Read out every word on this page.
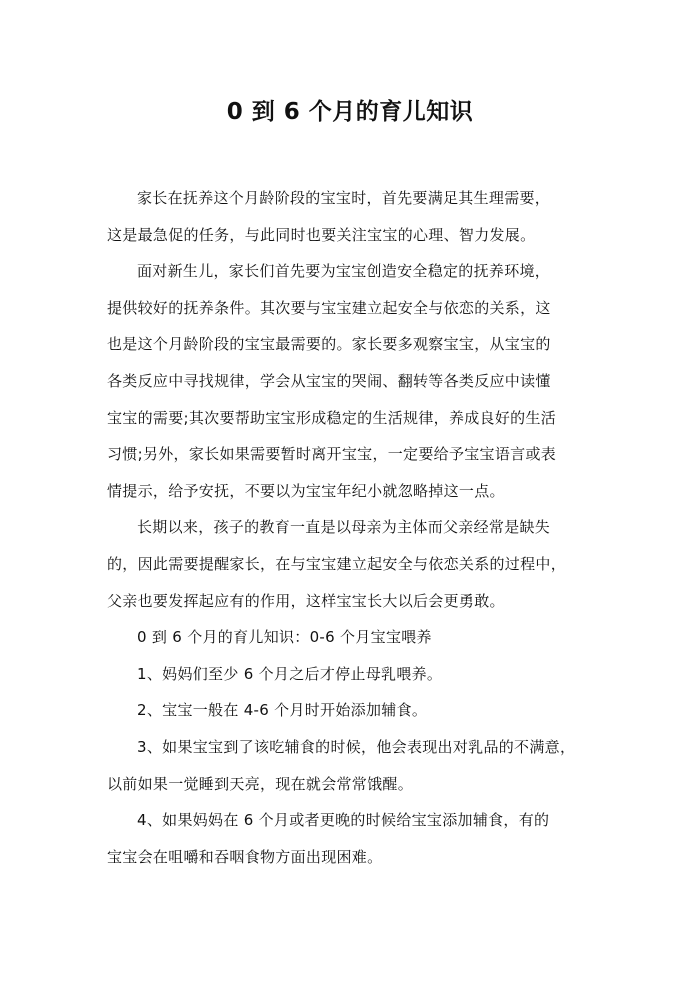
0 到 6 个月的育儿知识
家长在抚养这个月龄阶段的宝宝时，首先要满足其生理需要，
这是最急促的任务，与此同时也要关注宝宝的心理、智力发展。
面对新生儿，家长们首先要为宝宝创造安全稳定的抚养环境，
提供较好的抚养条件。其次要与宝宝建立起安全与依恋的关系，这
也是这个月龄阶段的宝宝最需要的。家长要多观察宝宝，从宝宝的
各类反应中寻找规律，学会从宝宝的哭闹、翻转等各类反应中读懂
宝宝的需要;其次要帮助宝宝形成稳定的生活规律，养成良好的生活
习惯;另外，家长如果需要暂时离开宝宝，一定要给予宝宝语言或表
情提示，给予安抚，不要以为宝宝年纪小就忽略掉这一点。
长期以来，孩子的教育一直是以母亲为主体而父亲经常是缺失
的，因此需要提醒家长，在与宝宝建立起安全与依恋关系的过程中，
父亲也要发挥起应有的作用，这样宝宝长大以后会更勇敢。
0 到 6 个月的育儿知识：0-6 个月宝宝喂养
1、妈妈们至少 6 个月之后才停止母乳喂养。
2、宝宝一般在 4-6 个月时开始添加辅食。
3、如果宝宝到了该吃辅食的时候，他会表现出对乳品的不满意，
以前如果一觉睡到天亮，现在就会常常饿醒。
4、如果妈妈在 6 个月或者更晚的时候给宝宝添加辅食，有的
宝宝会在咀嚼和吞咽食物方面出现困难。
